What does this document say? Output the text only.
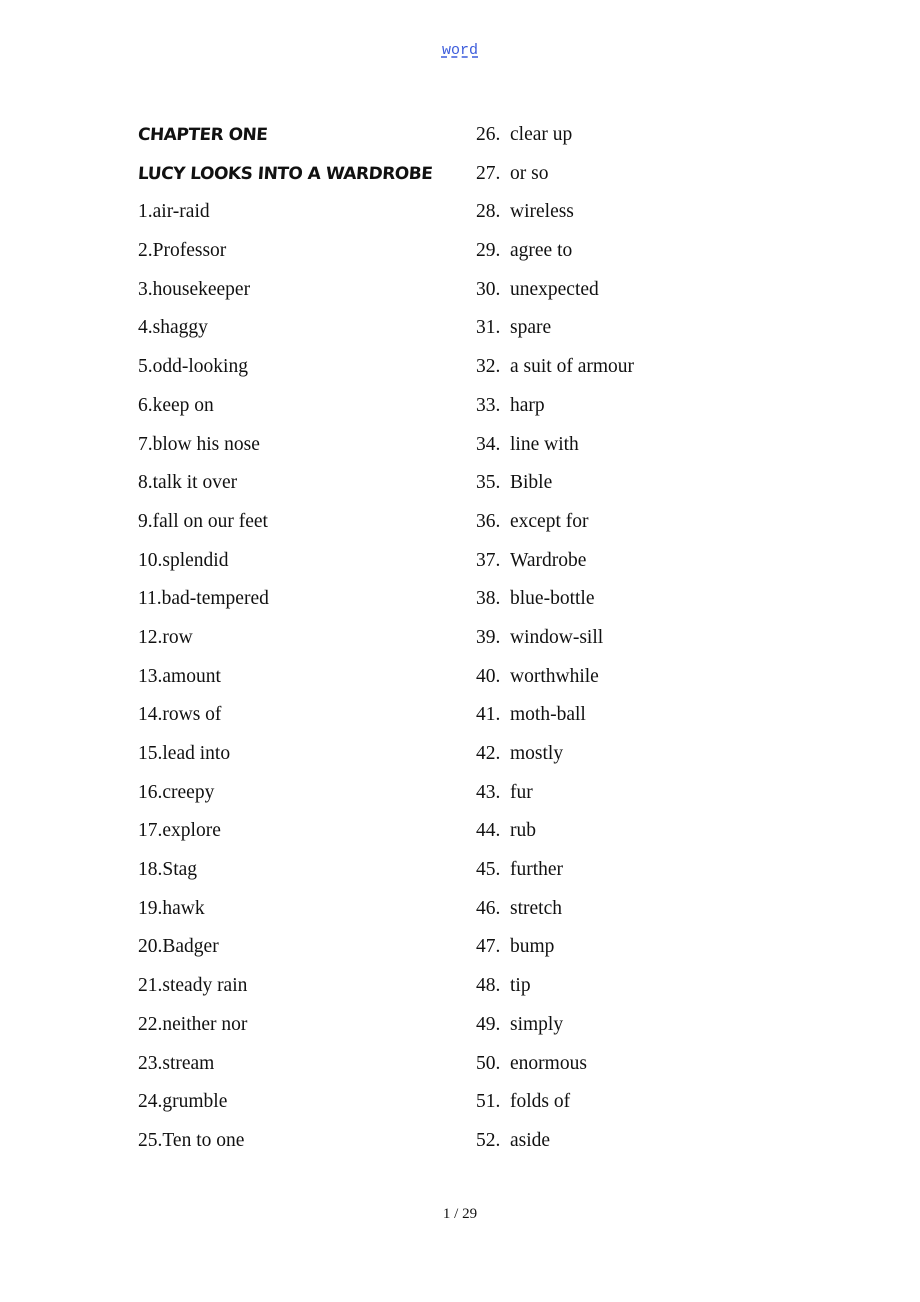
word
CHAPTER ONE
LUCY LOOKS INTO A WARDROBE
1.air-raid
2.Professor
3.housekeeper
4.shaggy
5.odd-looking
6.keep on
7.blow his nose
8.talk it over
9.fall on our feet
10.splendid
11.bad-tempered
12.row
13.amount
14.rows of
15.lead into
16.creepy
17.explore
18.Stag
19.hawk
20.Badger
21.steady rain
22.neither nor
23.stream
24.grumble
25.Ten to one
26. clear up
27. or so
28. wireless
29. agree to
30. unexpected
31. spare
32. a suit of armour
33. harp
34. line with
35. Bible
36. except for
37. Wardrobe
38. blue-bottle
39. window-sill
40. worthwhile
41. moth-ball
42. mostly
43. fur
44. rub
45. further
46. stretch
47. bump
48. tip
49. simply
50. enormous
51. folds of
52. aside
1 / 29
